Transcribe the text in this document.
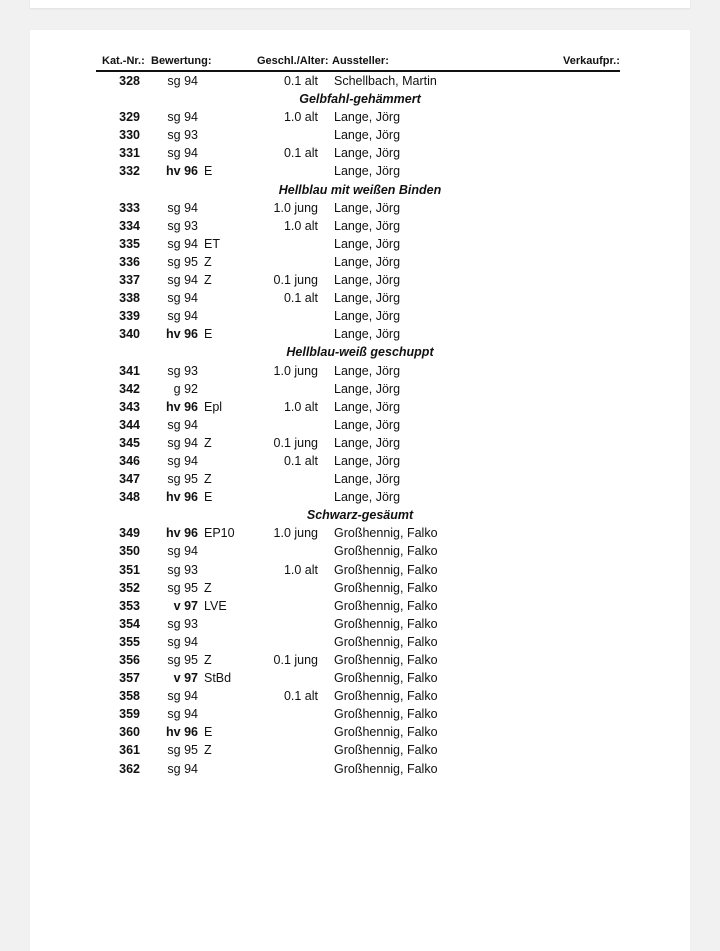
Kat.-Nr.: Bewertung:	Geschl./Alter: Aussteller:	Verkaufpr.:
328	sg 94	0.1 alt Schellbach, Martin
Gelbfahl-gehämmert
329	sg 94	1.0 alt Lange, Jörg
330	sg 93	Lange, Jörg
331	sg 94	0.1 alt Lange, Jörg
332	hv 96 E	Lange, Jörg
Hellblau mit weißen Binden
333	sg 94	1.0 jung Lange, Jörg
334	sg 93	1.0 alt Lange, Jörg
335	sg 94 ET	Lange, Jörg
336	sg 95 Z	Lange, Jörg
337	sg 94 Z	0.1 jung Lange, Jörg
338	sg 94	0.1 alt Lange, Jörg
339	sg 94	Lange, Jörg
340	hv 96 E	Lange, Jörg
Hellblau-weiß geschuppt
341	sg 93	1.0 jung Lange, Jörg
342	g 92	Lange, Jörg
343	hv 96 Epl	1.0 alt Lange, Jörg
344	sg 94	Lange, Jörg
345	sg 94 Z	0.1 jung Lange, Jörg
346	sg 94	0.1 alt Lange, Jörg
347	sg 95 Z	Lange, Jörg
348	hv 96 E	Lange, Jörg
Schwarz-gesäumt
349	hv 96 EP10	1.0 jung Großhennig, Falko
350	sg 94	Großhennig, Falko
351	sg 93	1.0 alt Großhennig, Falko
352	sg 95 Z	Großhennig, Falko
353	v 97 LVE	Großhennig, Falko
354	sg 93	Großhennig, Falko
355	sg 94	Großhennig, Falko
356	sg 95 Z	0.1 jung Großhennig, Falko
357	v 97 StBd	Großhennig, Falko
358	sg 94	0.1 alt Großhennig, Falko
359	sg 94	Großhennig, Falko
360	hv 96 E	Großhennig, Falko
361	sg 95 Z	Großhennig, Falko
362	sg 94	Großhennig, Falko
